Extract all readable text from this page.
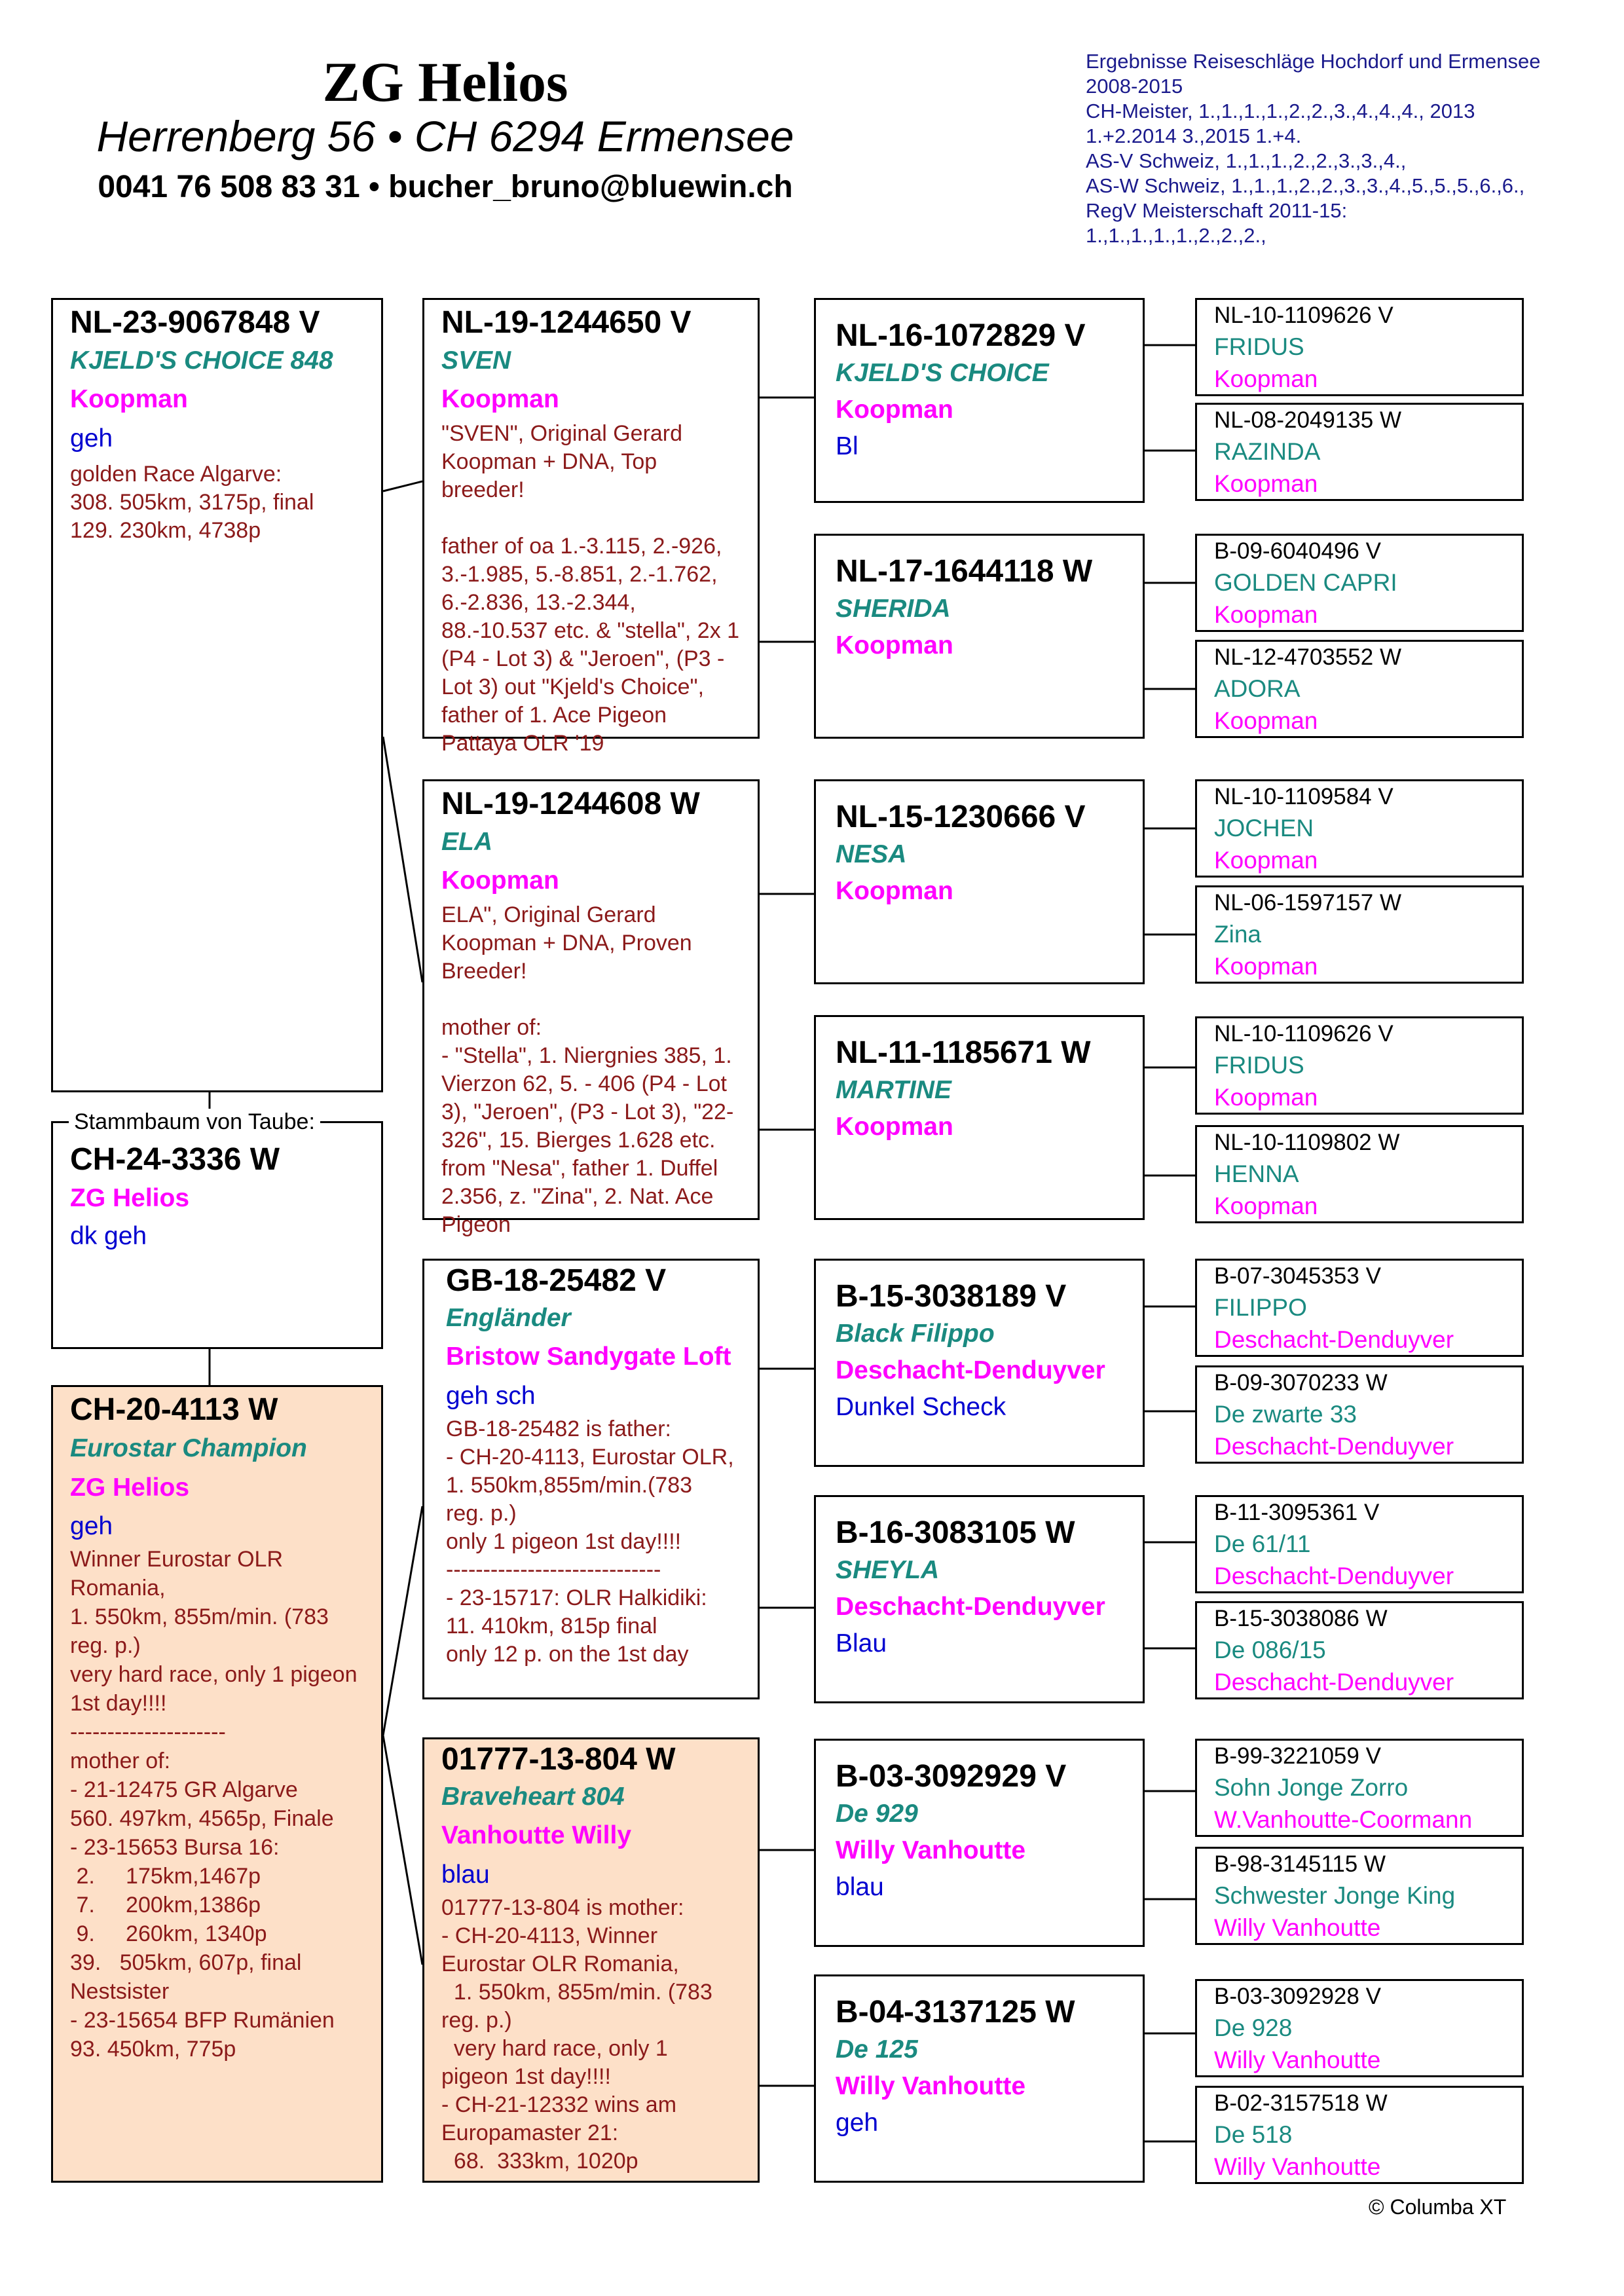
ZG Helios
Herrenberg 56 • CH 6294 Ermensee
0041 76 508 83 31 • bucher_bruno@bluewin.ch
Ergebnisse Reiseschläge Hochdorf und Ermensee 2008-2015
CH-Meister, 1.,1.,1.,1.,2.,2.,3.,4.,4.,4., 2013 1.+2.2014 3.,2015 1.+4.
AS-V Schweiz, 1.,1.,1.,2.,2.,3.,3.,4.,
AS-W Schweiz, 1.,1.,1.,2.,2.,3.,3.,4.,5.,5.,5.,6.,6.,
RegV Meisterschaft 2011-15:
1.,1.,1.,1.,1.,2.,2.,2.,
NL-23-9067848 V
KJELD'S CHOICE 848
Koopman
geh
golden Race Algarve:
308. 505km, 3175p, final
129. 230km, 4738p
CH-24-3336 W
ZG Helios
dk geh
Stammbaum von Taube:
CH-20-4113 W
Eurostar Champion
ZG Helios
geh
Winner Eurostar OLR Romania,
1. 550km, 855m/min. (783 reg. p.)
very hard race, only 1 pigeon 1st day!!!!
---------------------
mother of:
- 21-12475 GR Algarve
560. 497km, 4565p, Finale
- 23-15653 Bursa 16:
2.     175km,1467p
7.     200km,1386p
9.     260km, 1340p
39.   505km, 607p, final
Nestsister
- 23-15654 BFP Rumänien
93. 450km, 775p
NL-19-1244650 V
SVEN
Koopman
"SVEN", Original Gerard Koopman + DNA, Top breeder!

father of oa 1.-3.115, 2.-926, 3.-1.985, 5.-8.851, 2.-1.762, 6.-2.836, 13.-2.344, 88.-10.537 etc. & "stella", 2x 1 (P4 - Lot 3) & "Jeroen", (P3 - Lot 3) out "Kjeld's Choice", father of 1. Ace Pigeon Pattaya OLR '19
NL-19-1244608 W
ELA
Koopman
ELA", Original Gerard Koopman + DNA, Proven Breeder!

mother of:
- "Stella", 1. Niergnies 385, 1. Vierzon 62, 5. - 406 (P4 - Lot 3), "Jeroen", (P3 - Lot 3), "22-326", 15. Bierges 1.628 etc. from "Nesa", father 1. Duffel 2.356, z. "Zina", 2. Nat. Ace Pigeon
GB-18-25482 V
Engländer
Bristow Sandygate Loft
geh sch
GB-18-25482 is father:
- CH-20-4113, Eurostar OLR,
1. 550km,855m/min.(783 reg. p.)
only 1 pigeon 1st day!!!!
-----------------------------
- 23-15717: OLR Halkidiki:
11. 410km, 815p final
only 12 p. on the 1st day
01777-13-804 W
Braveheart 804
Vanhoutte Willy
blau
01777-13-804 is mother:
- CH-20-4113, Winner Eurostar OLR Romania,
1. 550km, 855m/min. (783 reg. p.)
very hard race, only 1 pigeon 1st day!!!!
- CH-21-12332 wins am Europamaster 21:
68.  333km, 1020p
NL-16-1072829 V
KJELD'S CHOICE
Koopman
Bl
NL-17-1644118 W
SHERIDA
Koopman
NL-15-1230666 V
NESA
Koopman
NL-11-1185671 W
MARTINE
Koopman
B-15-3038189 V
Black Filippo
Deschacht-Denduyver
Dunkel Scheck
B-16-3083105 W
SHEYLA
Deschacht-Denduyver
Blau
B-03-3092929 V
De 929
Willy Vanhoutte
blau
B-04-3137125 W
De 125
Willy Vanhoutte
geh
NL-10-1109626 V
FRIDUS
Koopman
NL-08-2049135 W
RAZINDA
Koopman
B-09-6040496 V
GOLDEN CAPRI
Koopman
NL-12-4703552 W
ADORA
Koopman
NL-10-1109584 V
JOCHEN
Koopman
NL-06-1597157 W
Zina
Koopman
NL-10-1109626 V
FRIDUS
Koopman
NL-10-1109802 W
HENNA
Koopman
B-07-3045353 V
FILIPPO
Deschacht-Denduyver
B-09-3070233 W
De zwarte 33
Deschacht-Denduyver
B-11-3095361 V
De 61/11
Deschacht-Denduyver
B-15-3038086 W
De 086/15
Deschacht-Denduyver
B-99-3221059 V
Sohn Jonge Zorro
W.Vanhoutte-Coormann
B-98-3145115 W
Schwester Jonge King
Willy Vanhoutte
B-03-3092928 V
De 928
Willy Vanhoutte
B-02-3157518 W
De 518
Willy Vanhoutte
© Columba XT
